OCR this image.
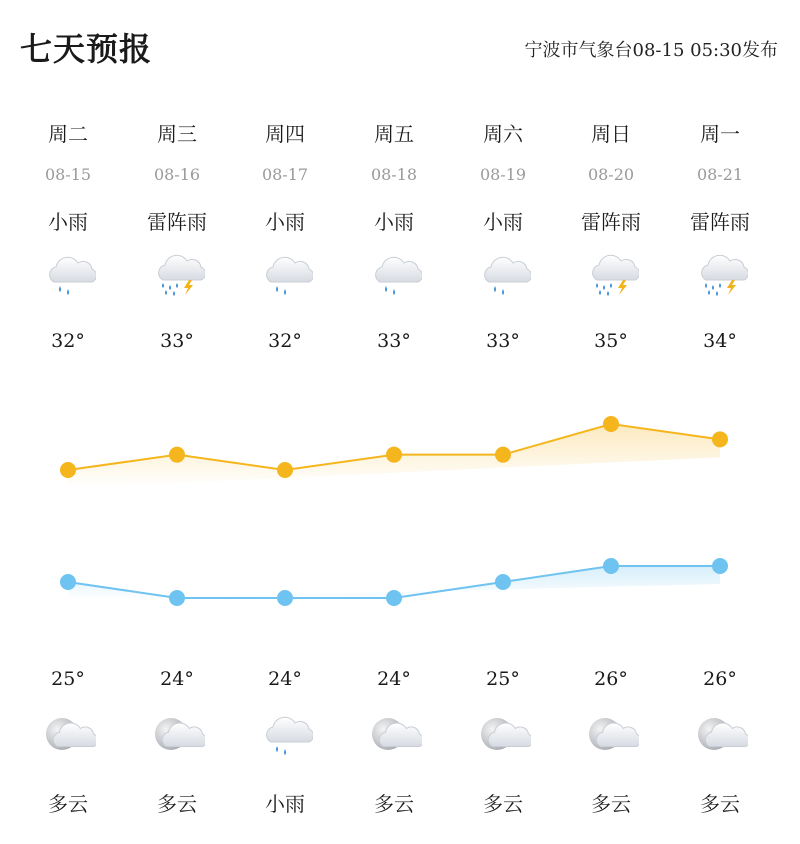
七天预报	宁波市气象台08-15 05:30发布
周二
08-15
小雨
32°
25°
多云
周三
08-16
雷阵雨
33°
24°
多云
周四
08-17
小雨
32°
24°
小雨
周五
08-18
小雨
33°
24°
多云
周六
08-19
小雨
33°
25°
多云
周日
08-20
雷阵雨
35°
26°
多云
周一
08-21
雷阵雨
34°
26°
多云
